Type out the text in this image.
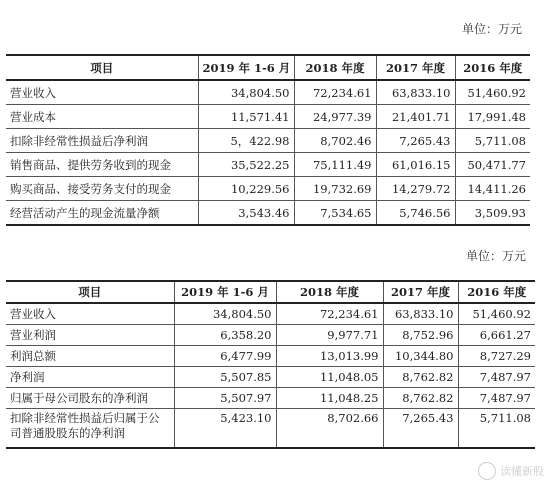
单位：万元
项目	2019 年 1-6 月	2018 年度	2017 年度	2016 年度
营业收入	34,804.50	72,234.61	63,833.10	51,460.92
营业成本	11,571.41	24,977.39	21,401.71	17,991.48
扣除非经常性损益后净利润	5，422.98	8,702.46	7,265.43	5,711.08
销售商品、提供劳务收到的现金	35,522.25	75,111.49	61,016.15	50,471.77
购买商品、接受劳务支付的现金	10,229.56	19,732.69	14,279.72	14,411.26
经营活动产生的现金流量净额	3,543.46	7,534.65	5,746.56	3,509.93
单位：万元
项目	2019 年 1-6 月	2018 年度	2017 年度	2016 年度
营业收入	34,804.50	72,234.61	63,833.10	51,460.92
营业利润	6,358.20	9,977.71	8,752.96	6,661.27
利润总额	6,477.99	13,013.99	10,344.80	8,727.29
净利润	5,507.85	11,048.05	8,762.82	7,487.97
归属于母公司股东的净利润	5,507.97	11,048.25	8,762.82	7,487.97
扣除非经常性损益后归属于公司普通股股东的净利润	5,423.10	8,702.66	7,265.43	5,711.08
读懂新股
